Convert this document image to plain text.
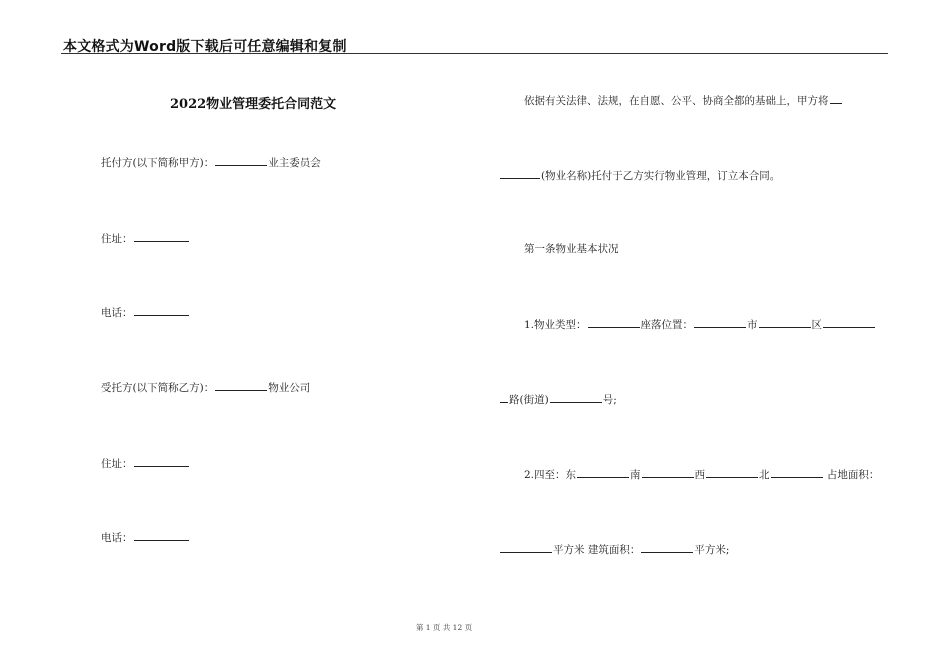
本文格式为Word版下载后可任意编辑和复制
2022物业管理委托合同范文
托付方(以下简称甲方)：	业主委员会
住址：
电话：
受托方(以下简称乙方)：	物业公司
住址：
电话：
依据有关法律、法规，在自愿、公平、协商全都的基础上，甲方将
(物业名称)托付于乙方实行物业管理，订立本合同。
第一条物业基本状况
1.物业类型：	座落位置：	市	区
路(街道)	号;
2.四至：东	南	西	北	占地面积：
平方米 建筑面积：	平方米;
第 1 页 共 12 页
